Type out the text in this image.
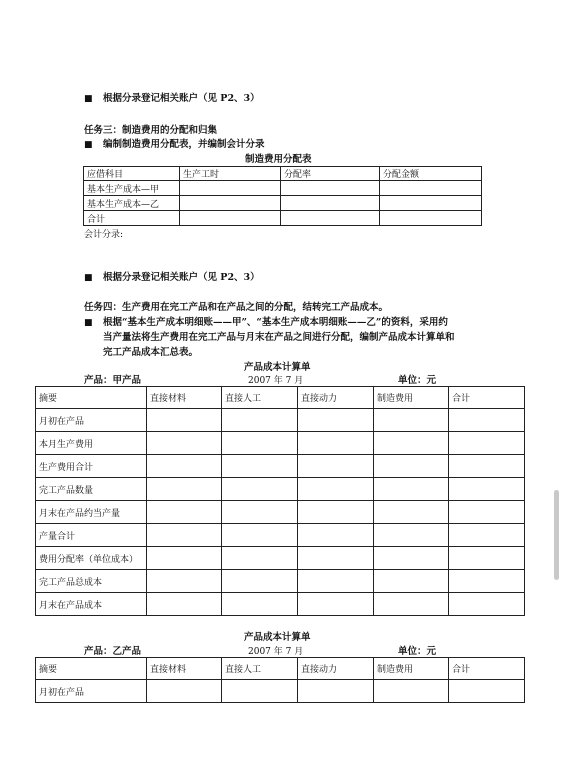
■ 根据分录登记相关账户（见 P2、3）
任务三：制造费用的分配和归集
■ 编制制造费用分配表，并编制会计分录
制造费用分配表
应借科目	生产工时	分配率	分配金额
基本生产成本—甲			
基本生产成本—乙			
合计			
会计分录:
■ 根据分录登记相关账户（见 P2、3）
任务四：生产费用在完工产品和在产品之间的分配，结转完工产品成本。
■ 根据“基本生产成本明细账——甲”、“基本生产成本明细账——乙”的资料，采用约
当产量法将生产费用在完工产品与月末在产品之间进行分配，编制产品成本计算单和
完工产品成本汇总表。
产品成本计算单
产品：甲产品	2007 年 7 月	单位：元
摘要	直接材料	直接人工	直接动力	制造费用	合计
月初在产品					
本月生产费用					
生产费用合计					
完工产品数量					
月末在产品约当产量					
产量合计					
费用分配率（单位成本）					
完工产品总成本					
月末在产品成本					
产品成本计算单
产品：乙产品	2007 年 7 月	单位：元
摘要	直接材料	直接人工	直接动力	制造费用	合计
月初在产品					
